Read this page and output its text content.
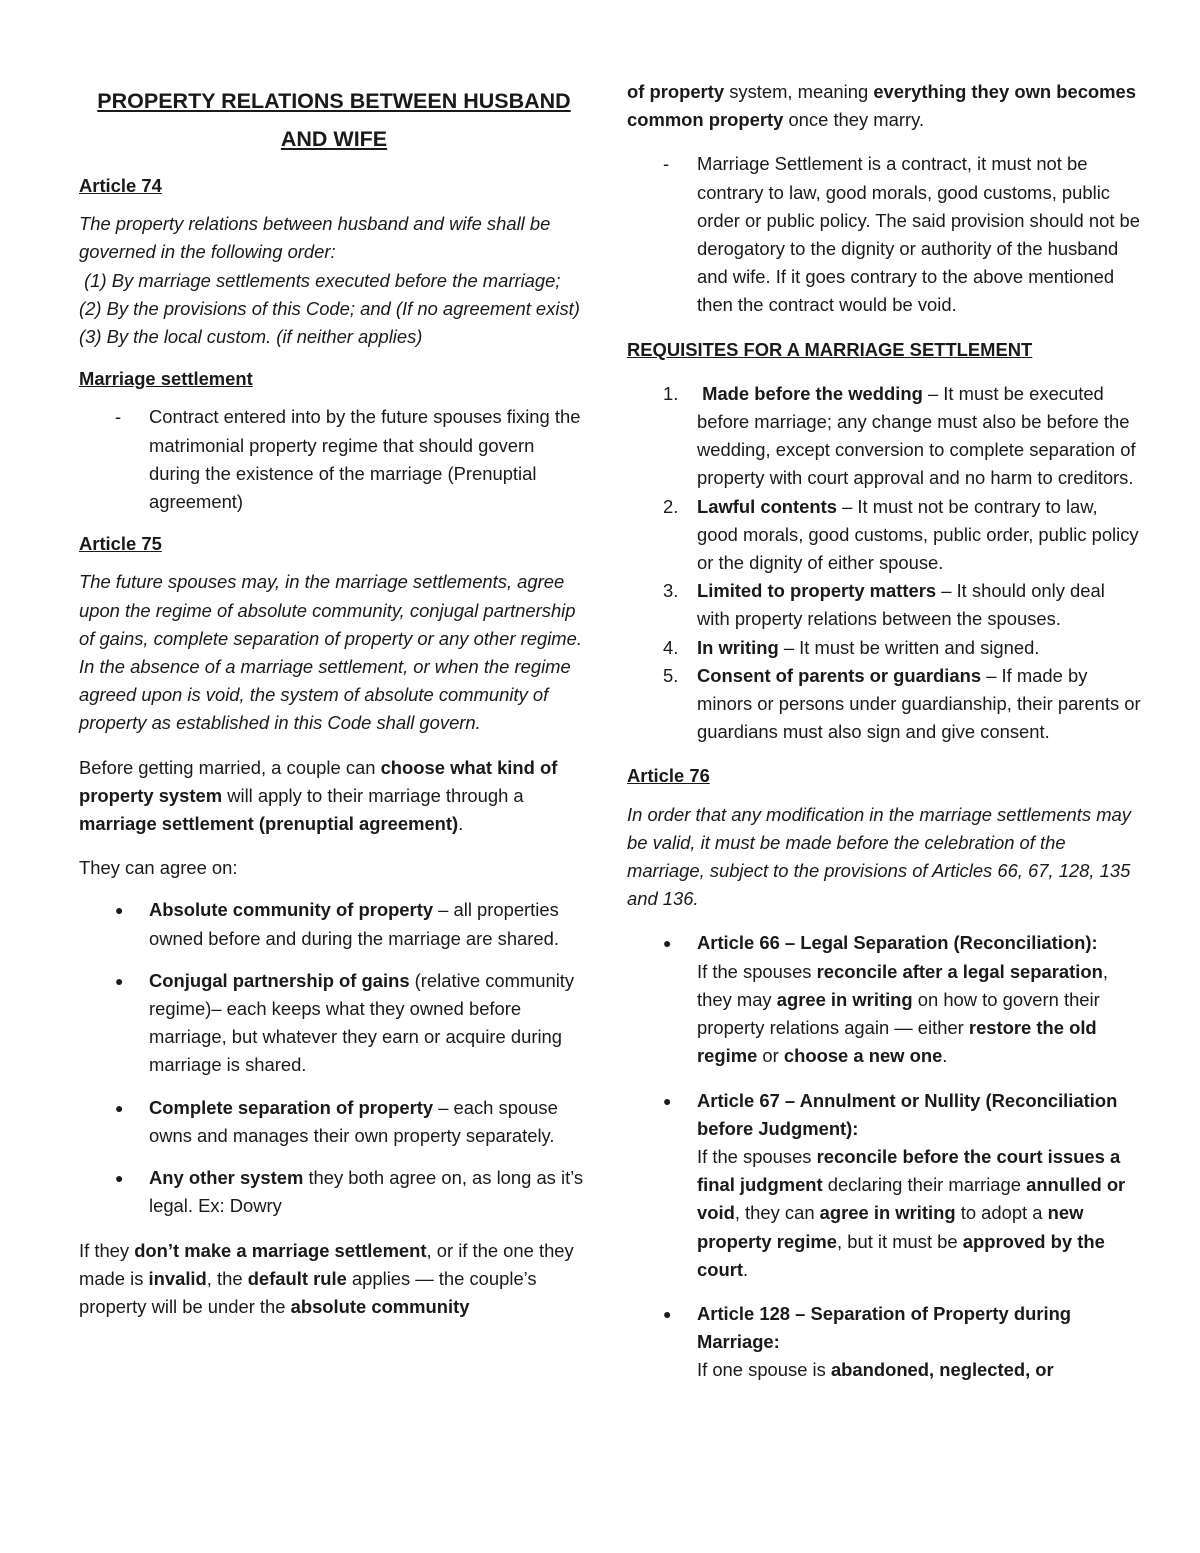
PROPERTY RELATIONS BETWEEN HUSBAND AND WIFE

Article 74

The property relations between husband and wife shall be governed in the following order:

(1) By marriage settlements executed before the marriage;

(2) By the provisions of this Code; and (If no agreement exist)

(3) By the local custom. (if neither applies)

Marriage settlement

- Contract entered into by the future spouses fixing the matrimonial property regime that should govern during the existence of the marriage (Prenuptial agreement)

Article 75

The future spouses may, in the marriage settlements, agree upon the regime of absolute community, conjugal partnership of gains, complete separation of property or any other regime. In the absence of a marriage settlement, or when the regime agreed upon is void, the system of absolute community of property as established in this Code shall govern.

Before getting married, a couple can choose what kind of property system will apply to their marriage through a marriage settlement (prenuptial agreement).

They can agree on:

● Absolute community of property – all properties owned before and during the marriage are shared.

● Conjugal partnership of gains (relative community regime)– each keeps what they owned before marriage, but whatever they earn or acquire during marriage is shared.

● Complete separation of property – each spouse owns and manages their own property separately.

● Any other system they both agree on, as long as it’s legal. Ex: Dowry

If they don’t make a marriage settlement, or if the one they made is invalid, the default rule applies — the couple’s property will be under the absolute community

of property system, meaning everything they own becomes common property once they marry.

- Marriage Settlement is a contract, it must not be contrary to law, good morals, good customs, public order or public policy. The said provision should not be derogatory to the dignity or authority of the husband and wife. If it goes contrary to the above mentioned then the contract would be void.

REQUISITES FOR A MARRIAGE SETTLEMENT

1. Made before the wedding – It must be executed before marriage; any change must also be before the wedding, except conversion to complete separation of property with court approval and no harm to creditors.

2. Lawful contents – It must not be contrary to law, good morals, good customs, public order, public policy or the dignity of either spouse.

3. Limited to property matters – It should only deal with property relations between the spouses.

4. In writing – It must be written and signed.

5. Consent of parents or guardians – If made by minors or persons under guardianship, their parents or guardians must also sign and give consent.

Article 76

In order that any modification in the marriage settlements may be valid, it must be made before the celebration of the marriage, subject to the provisions of Articles 66, 67, 128, 135 and 136.

● Article 66 – Legal Separation (Reconciliation):

If the spouses reconcile after a legal separation, they may agree in writing on how to govern their property relations again — either restore the old regime or choose a new one.

● Article 67 – Annulment or Nullity (Reconciliation before Judgment):

If the spouses reconcile before the court issues a final judgment declaring their marriage annulled or void, they can agree in writing to adopt a new property regime, but it must be approved by the court.

● Article 128 – Separation of Property during Marriage:

If one spouse is abandoned, neglected, or
